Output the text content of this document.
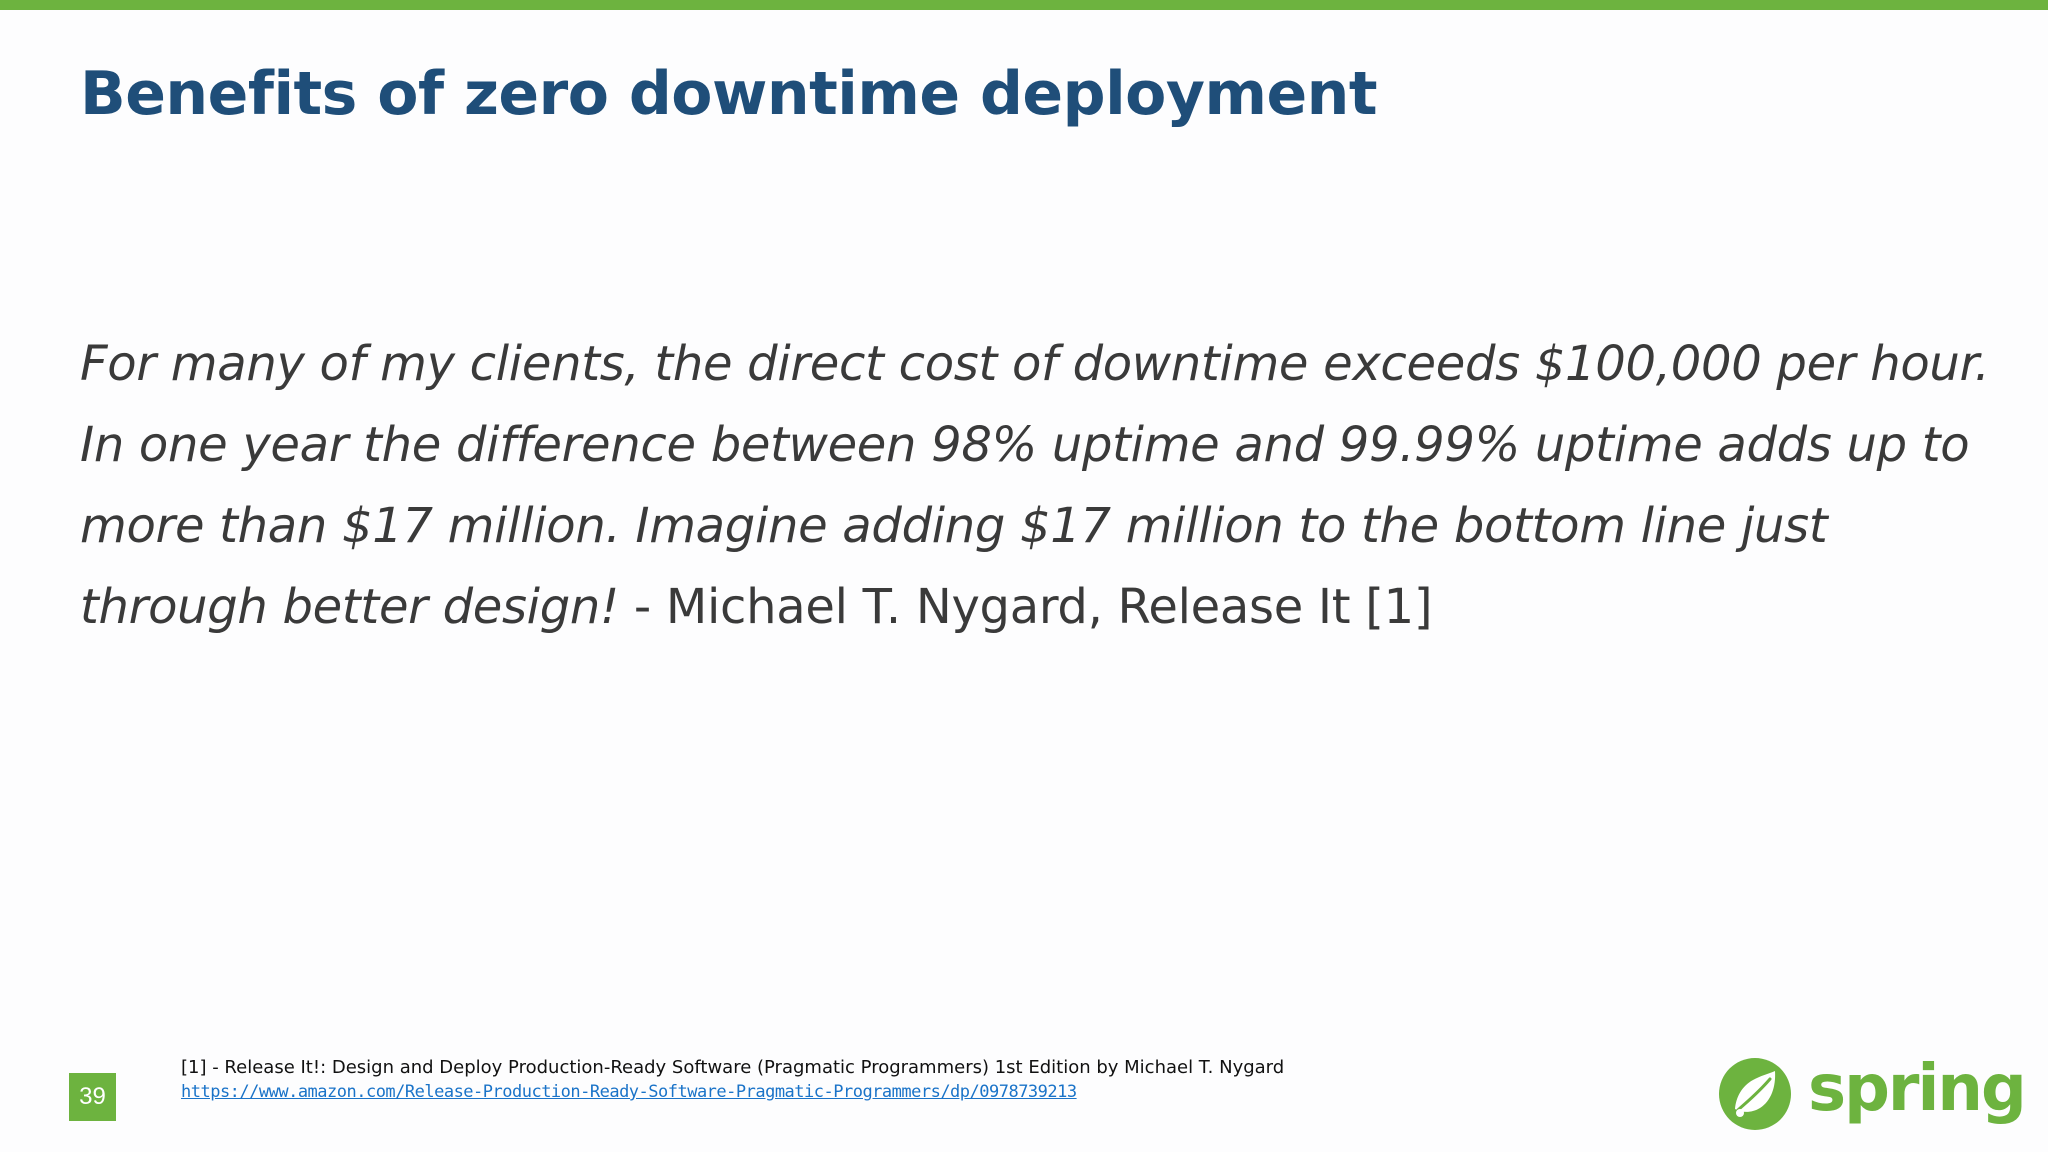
Benefits of zero downtime deployment
For many of my clients, the direct cost of downtime exceeds $100,000 per hour.
In one year the difference between 98% uptime and 99.99% uptime adds up to
more than $17 million. Imagine adding $17 million to the bottom line just
through better design! - Michael T. Nygard, Release It [1]
39
[1] - Release It!: Design and Deploy Production-Ready Software (Pragmatic Programmers) 1st Edition by Michael T. Nygard
https://www.amazon.com/Release-Production-Ready-Software-Pragmatic-Programmers/dp/0978739213	spring
